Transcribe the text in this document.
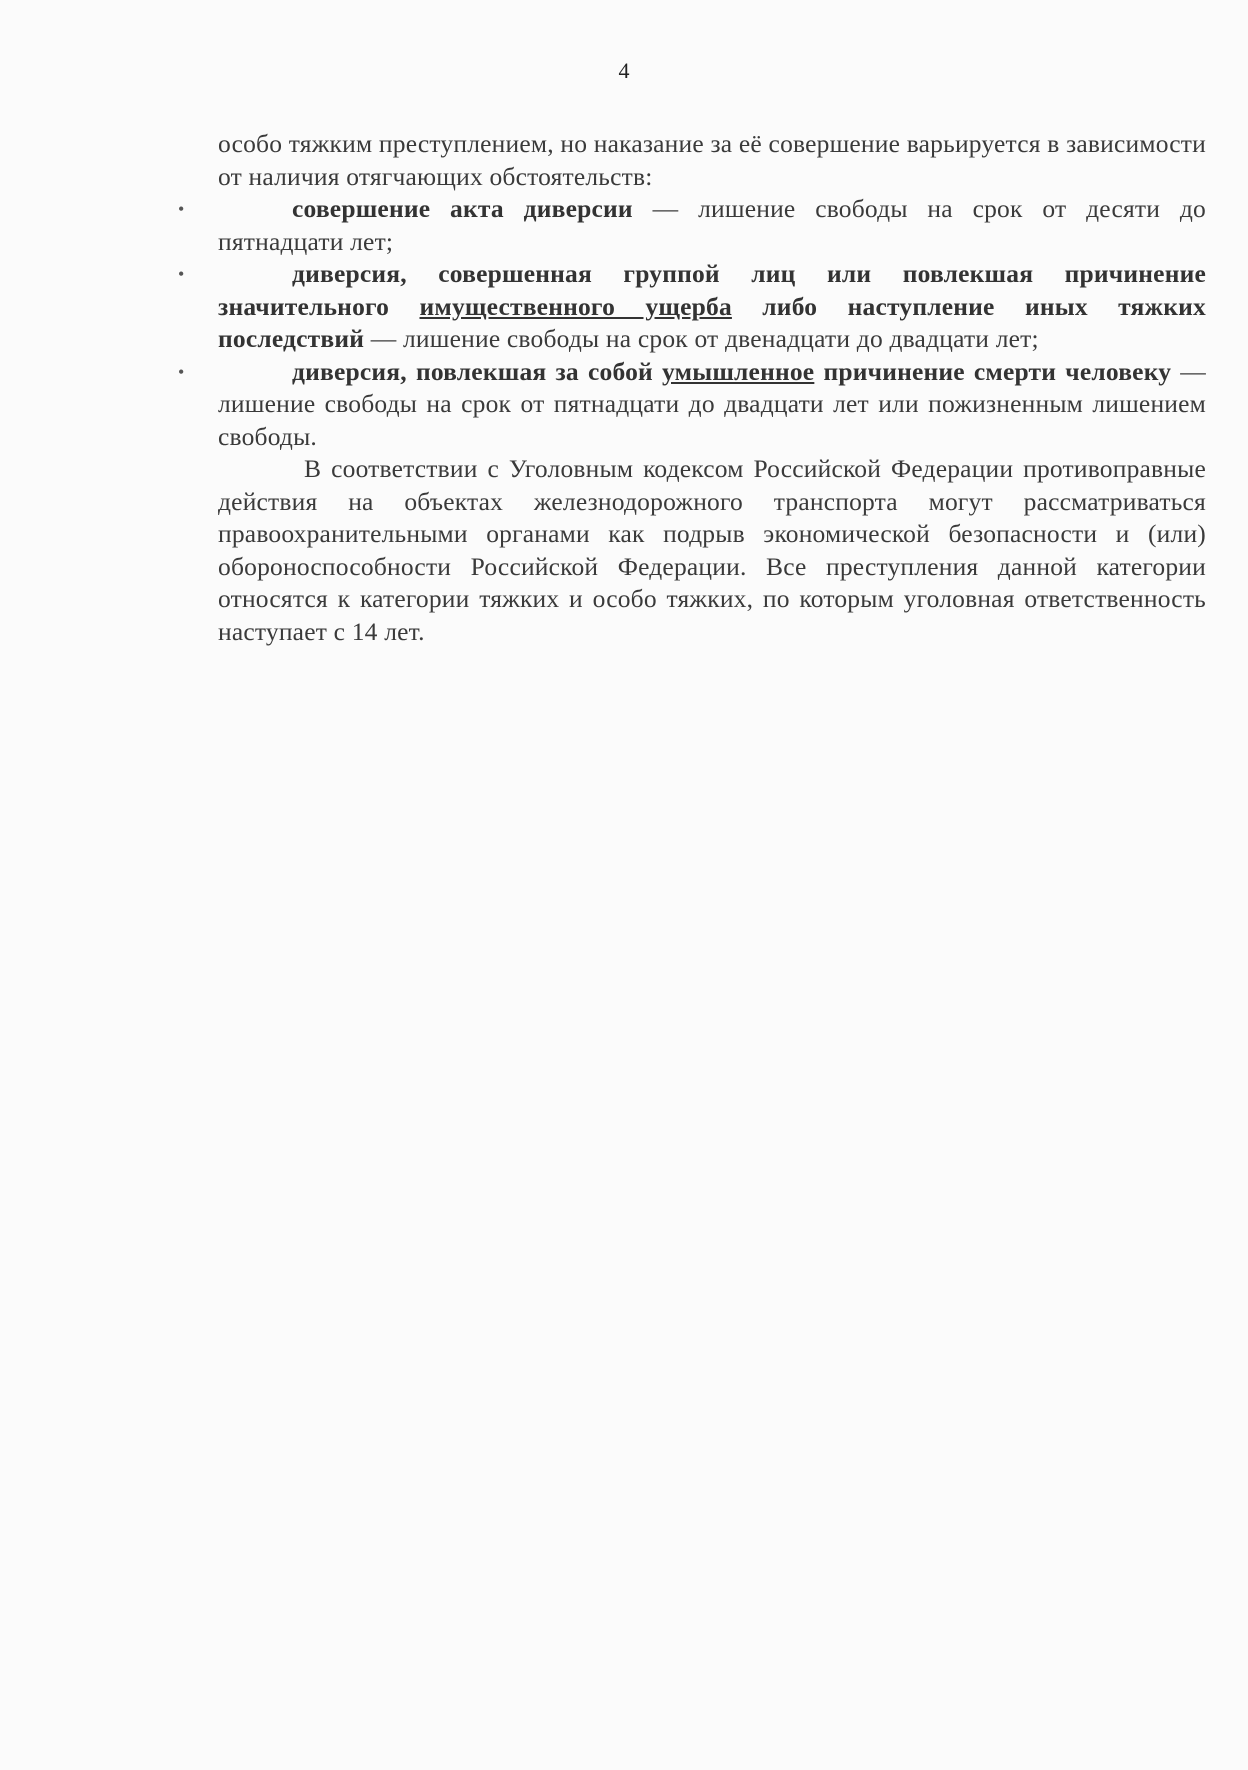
4

особо тяжким преступлением, но наказание за её совершение варьируется в зависимости от наличия отягчающих обстоятельств:

•	совершение акта диверсии — лишение свободы на срок от десяти до пятнадцати лет;
•	диверсия, совершенная группой лиц или повлекшая причинение значительного имущественного ущерба либо наступление иных тяжких последствий — лишение свободы на срок от двенадцати до двадцати лет;
•	диверсия, повлекшая за собой умышленное причинение смерти человеку — лишение свободы на срок от пятнадцати до двадцати лет или пожизненным лишением свободы.

В соответствии с Уголовным кодексом Российской Федерации противоправные действия на объектах железнодорожного транспорта могут рассматриваться правоохранительными органами как подрыв экономической безопасности и (или) обороноспособности Российской Федерации. Все преступления данной категории относятся к категории тяжких и особо тяжких, по которым уголовная ответственность наступает с 14 лет.
